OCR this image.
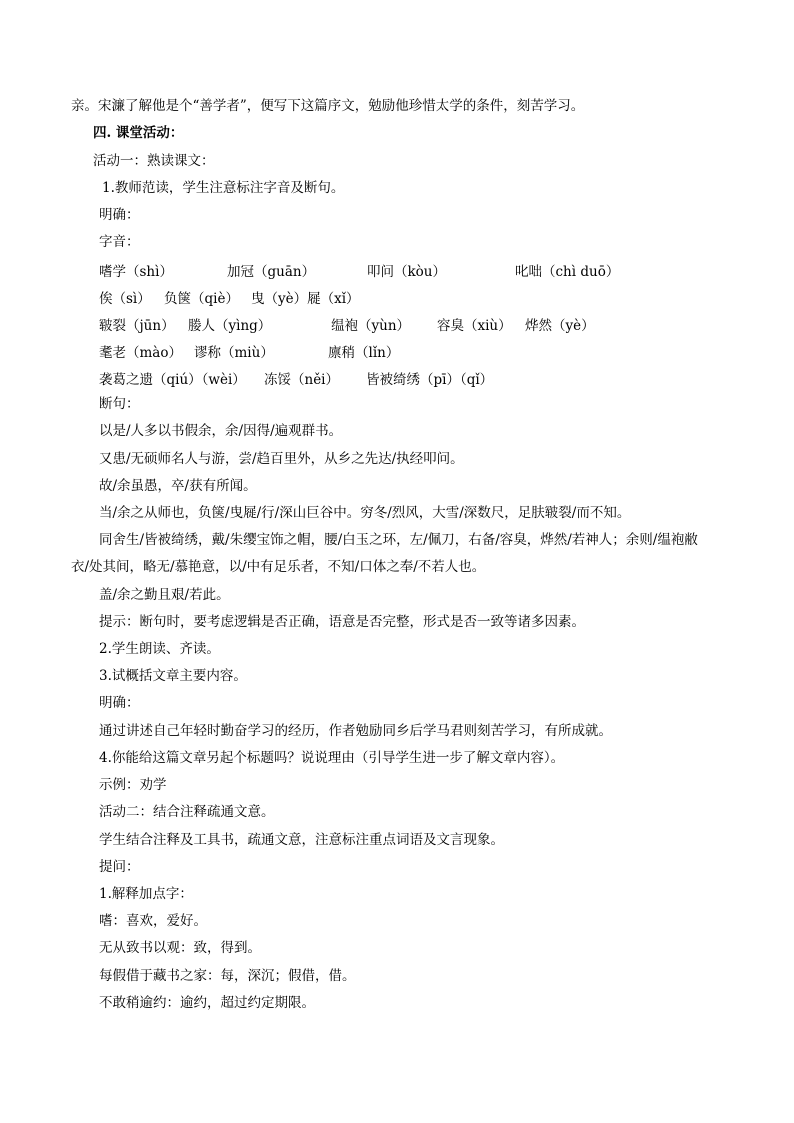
亲。宋濂了解他是个“善学者”，便写下这篇序文，勉励他珍惜太学的条件，刻苦学习。
四. 课堂活动：
活动一：熟读课文：
1.教师范读，学生注意标注字音及断句。
明确：
字音：
嗜学（shì）	加冠（guān）	叩问（kòu）	叱咄（chì duō）
俟（sì） 负箧（qiè） 曳（yè）屣（xǐ）
皲裂（jūn） 媵人（yìng）	缊袍（yùn） 容臭（xiù） 烨然（yè）
耄老（mào） 谬称（miù）	廪稍（lǐn）
袭葛之遗（qiú）（wèi） 冻馁（něi） 皆被绮绣（pī）（qǐ）
断句：
以是/人多以书假余，余/因得/遍观群书。
又患/无硕师名人与游，尝/趋百里外，从乡之先达/执经叩问。
故/余虽愚，卒/获有所闻。
当/余之从师也，负箧/曳屣/行/深山巨谷中。穷冬/烈风，大雪/深数尺，足肤皲裂/而不知。
同舍生/皆被绮绣，戴/朱缨宝饰之帽，腰/白玉之环，左/佩刀，右备/容臭，烨然/若神人；余则/缊袍敝
衣/处其间，略无/慕艳意，以/中有足乐者，不知/口体之奉/不若人也。
盖/余之勤且艰/若此。
提示：断句时，要考虑逻辑是否正确，语意是否完整，形式是否一致等诸多因素。
2.学生朗读、齐读。
3.试概括文章主要内容。
明确：
通过讲述自己年轻时勤奋学习的经历，作者勉励同乡后学马君则刻苦学习，有所成就。
4.你能给这篇文章另起个标题吗？说说理由（引导学生进一步了解文章内容）。
示例：劝学
活动二：结合注释疏通文意。
学生结合注释及工具书，疏通文意，注意标注重点词语及文言现象。
提问：
1.解释加点字：
嗜：喜欢，爱好。
无从致书以观：致，得到。
每假借于藏书之家：每，深沉；假借，借。
不敢稍逾约：逾约，超过约定期限。
